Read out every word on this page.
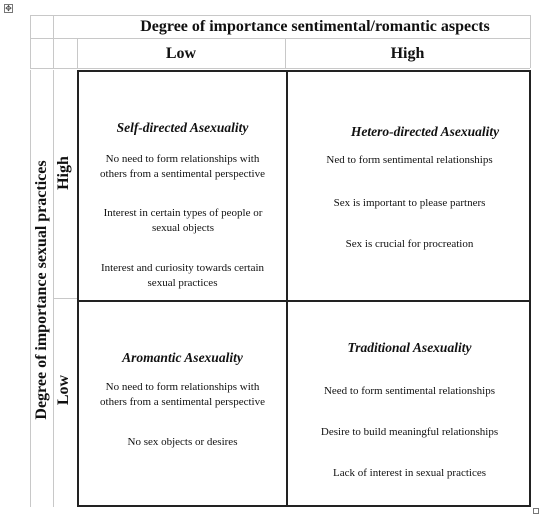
✥
Degree of importance sentimental/romantic aspects
Low	High
Degree of importance sexual practices High
Low
Self-directed Asexuality
No need to form relationships with others from a sentimental perspective
Interest in certain types of people or sexual objects
Interest and curiosity towards certain sexual practices
Hetero-directed Asexuality
Ned to form sentimental relationships
Sex is important to please partners
Sex is crucial for procreation
Aromantic Asexuality
No need to form relationships with others from a sentimental perspective
No sex objects or desires
Traditional Asexuality
Need to form sentimental relationships
Desire to build meaningful relationships
Lack of interest in sexual practices
